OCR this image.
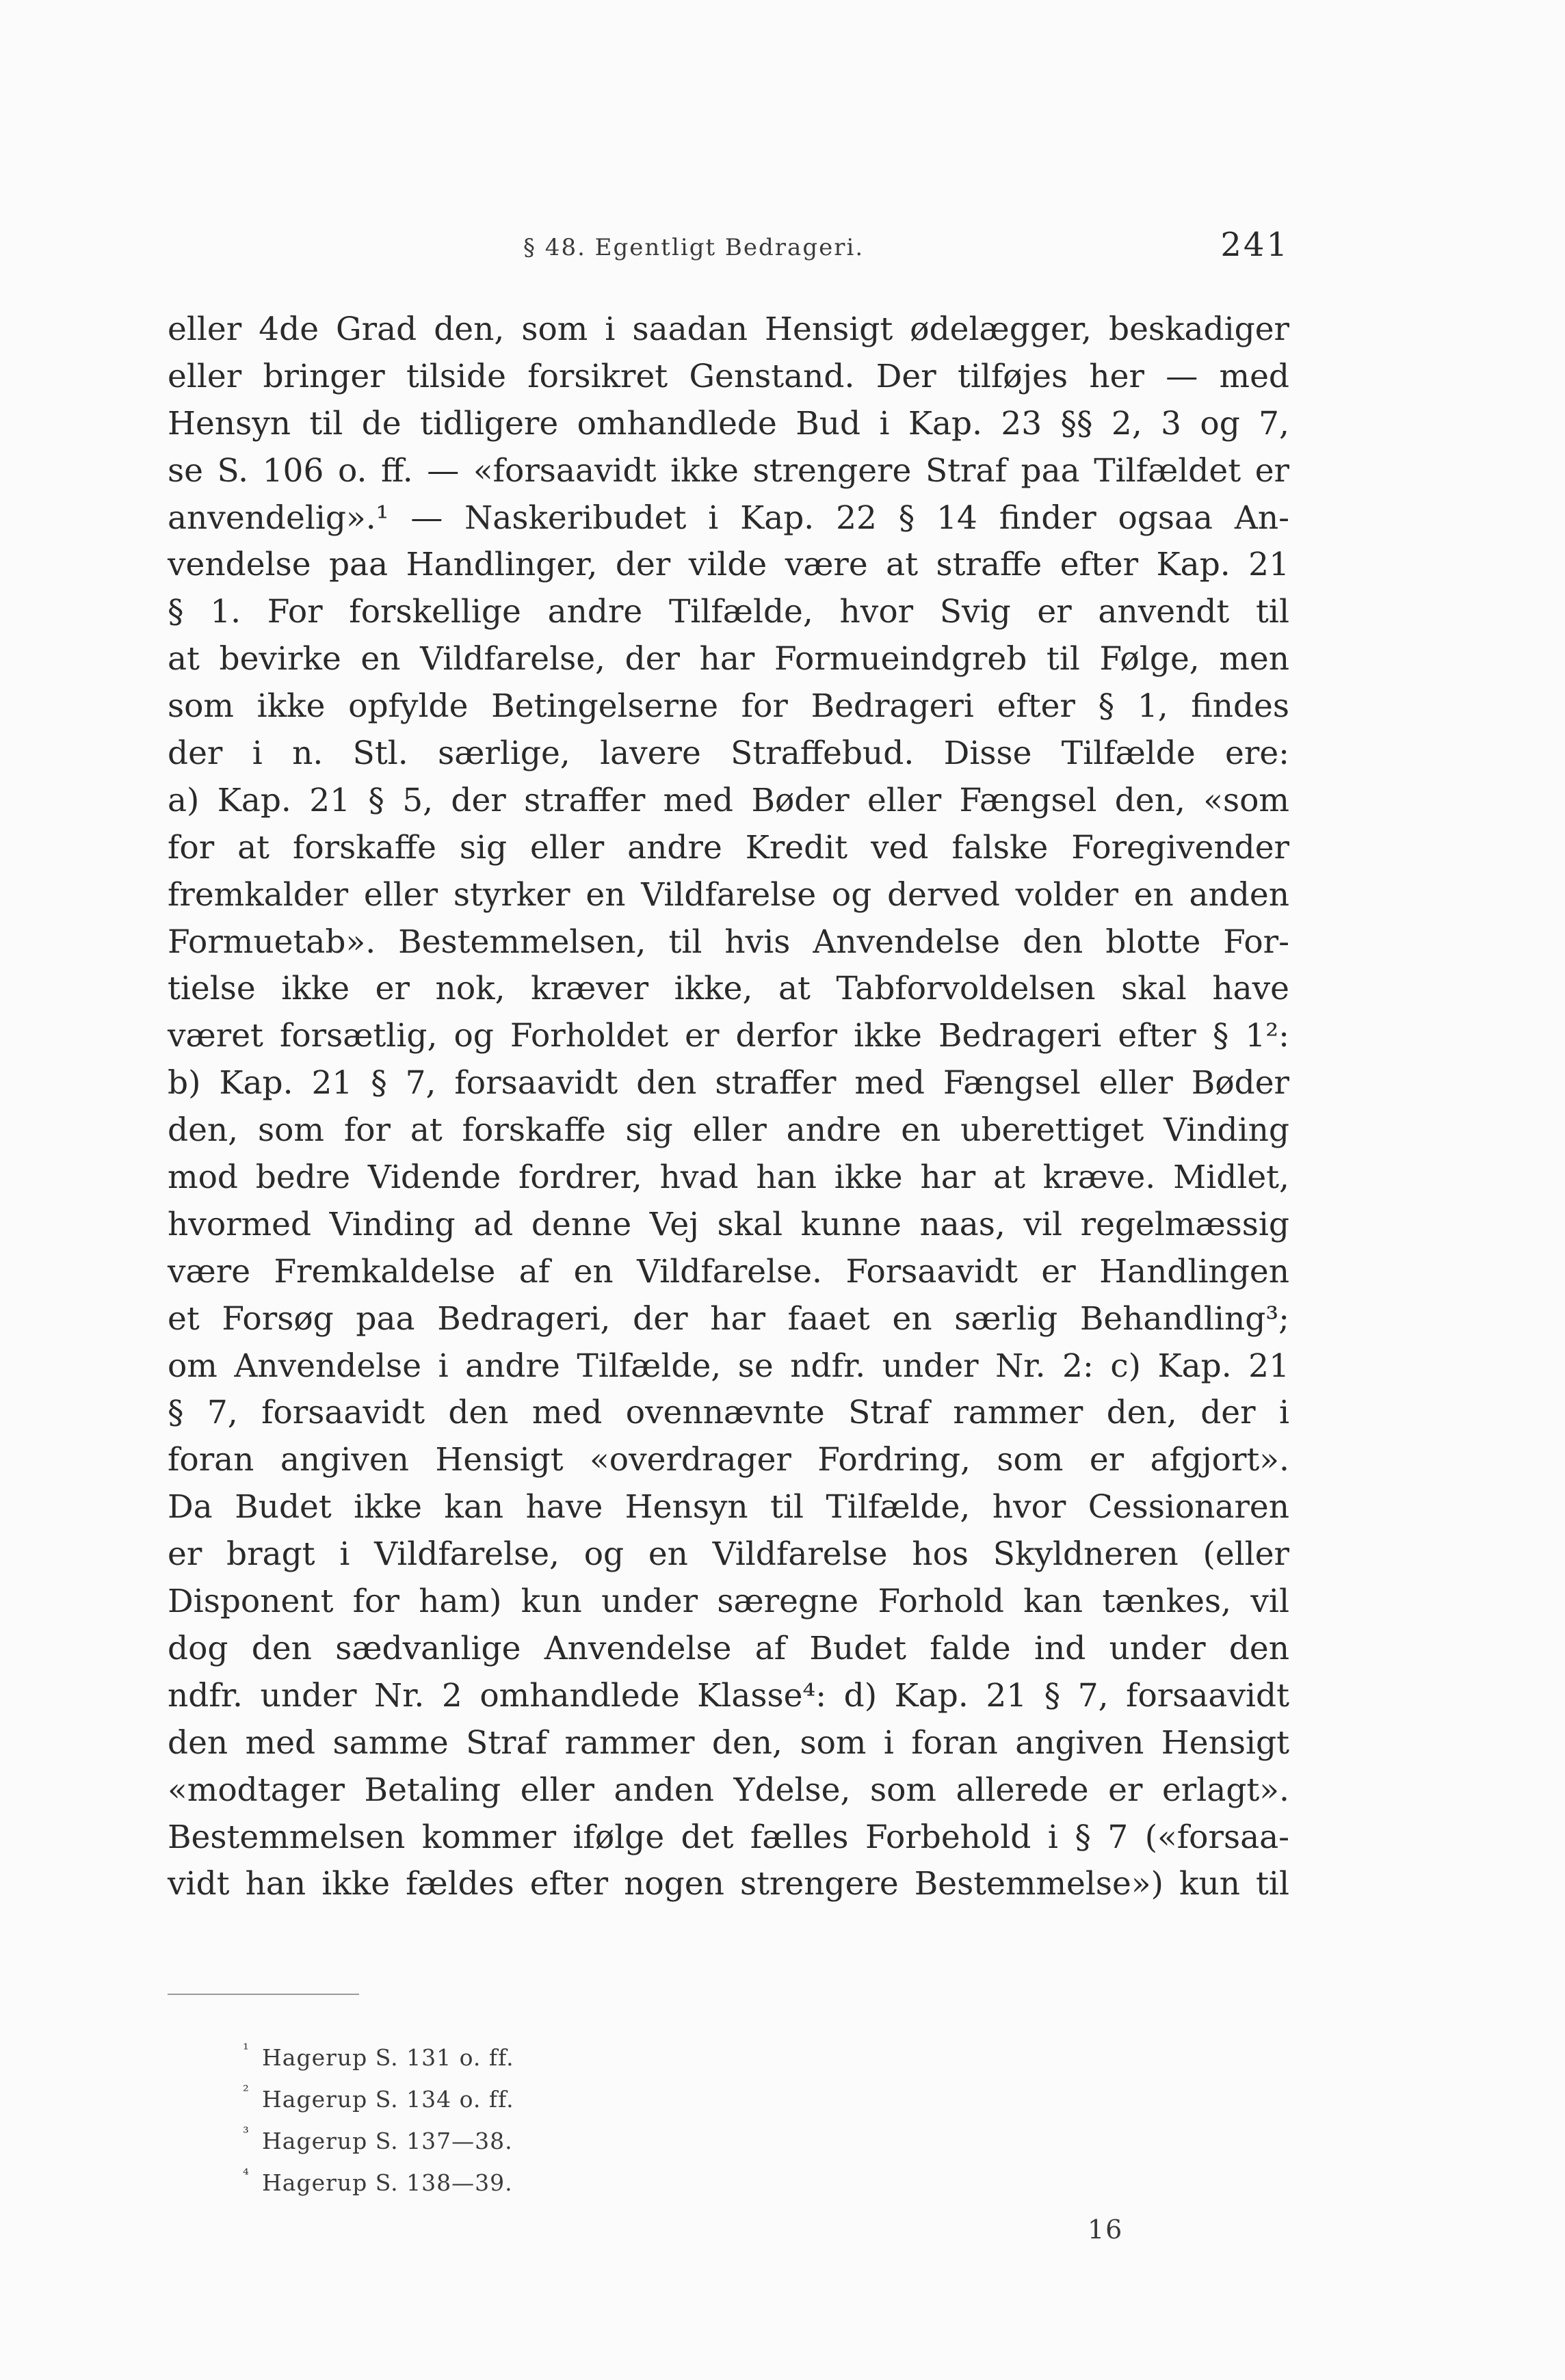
§ 48. Egentligt Bedrageri.	241
eller 4de Grad den, som i saadan Hensigt ødelægger, beskadiger
eller bringer tilside forsikret Genstand. Der tilføjes her — med
Hensyn til de tidligere omhandlede Bud i Kap. 23 §§ 2, 3 og 7,
se S. 106 o. ff. — «forsaavidt ikke strengere Straf paa Tilfældet er
anvendelig».¹ — Naskeribudet i Kap. 22 § 14 finder ogsaa An-
vendelse paa Handlinger, der vilde være at straffe efter Kap. 21
§ 1. For forskellige andre Tilfælde, hvor Svig er anvendt til
at bevirke en Vildfarelse, der har Formueindgreb til Følge, men
som ikke opfylde Betingelserne for Bedrageri efter § 1, findes
der i n. Stl. særlige, lavere Straffebud. Disse Tilfælde ere:
a) Kap. 21 § 5, der straffer med Bøder eller Fængsel den, «som
for at forskaffe sig eller andre Kredit ved falske Foregivender
fremkalder eller styrker en Vildfarelse og derved volder en anden
Formuetab». Bestemmelsen, til hvis Anvendelse den blotte For-
tielse ikke er nok, kræver ikke, at Tabforvoldelsen skal have
været forsætlig, og Forholdet er derfor ikke Bedrageri efter § 1²:
b) Kap. 21 § 7, forsaavidt den straffer med Fængsel eller Bøder
den, som for at forskaffe sig eller andre en uberettiget Vinding
mod bedre Vidende fordrer, hvad han ikke har at kræve. Midlet,
hvormed Vinding ad denne Vej skal kunne naas, vil regelmæssig
være Fremkaldelse af en Vildfarelse. Forsaavidt er Handlingen
et Forsøg paa Bedrageri, der har faaet en særlig Behandling³;
om Anvendelse i andre Tilfælde, se ndfr. under Nr. 2: c) Kap. 21
§ 7, forsaavidt den med ovennævnte Straf rammer den, der i
foran angiven Hensigt «overdrager Fordring, som er afgjort».
Da Budet ikke kan have Hensyn til Tilfælde, hvor Cessionaren
er bragt i Vildfarelse, og en Vildfarelse hos Skyldneren (eller
Disponent for ham) kun under særegne Forhold kan tænkes, vil
dog den sædvanlige Anvendelse af Budet falde ind under den
ndfr. under Nr. 2 omhandlede Klasse⁴: d) Kap. 21 § 7, forsaavidt
den med samme Straf rammer den, som i foran angiven Hensigt
«modtager Betaling eller anden Ydelse, som allerede er erlagt».
Bestemmelsen kommer ifølge det fælles Forbehold i § 7 («forsaa-
vidt han ikke fældes efter nogen strengere Bestemmelse») kun til
¹ Hagerup S. 131 o. ff.
² Hagerup S. 134 o. ff.
³ Hagerup S. 137—38.
⁴ Hagerup S. 138—39.
16
